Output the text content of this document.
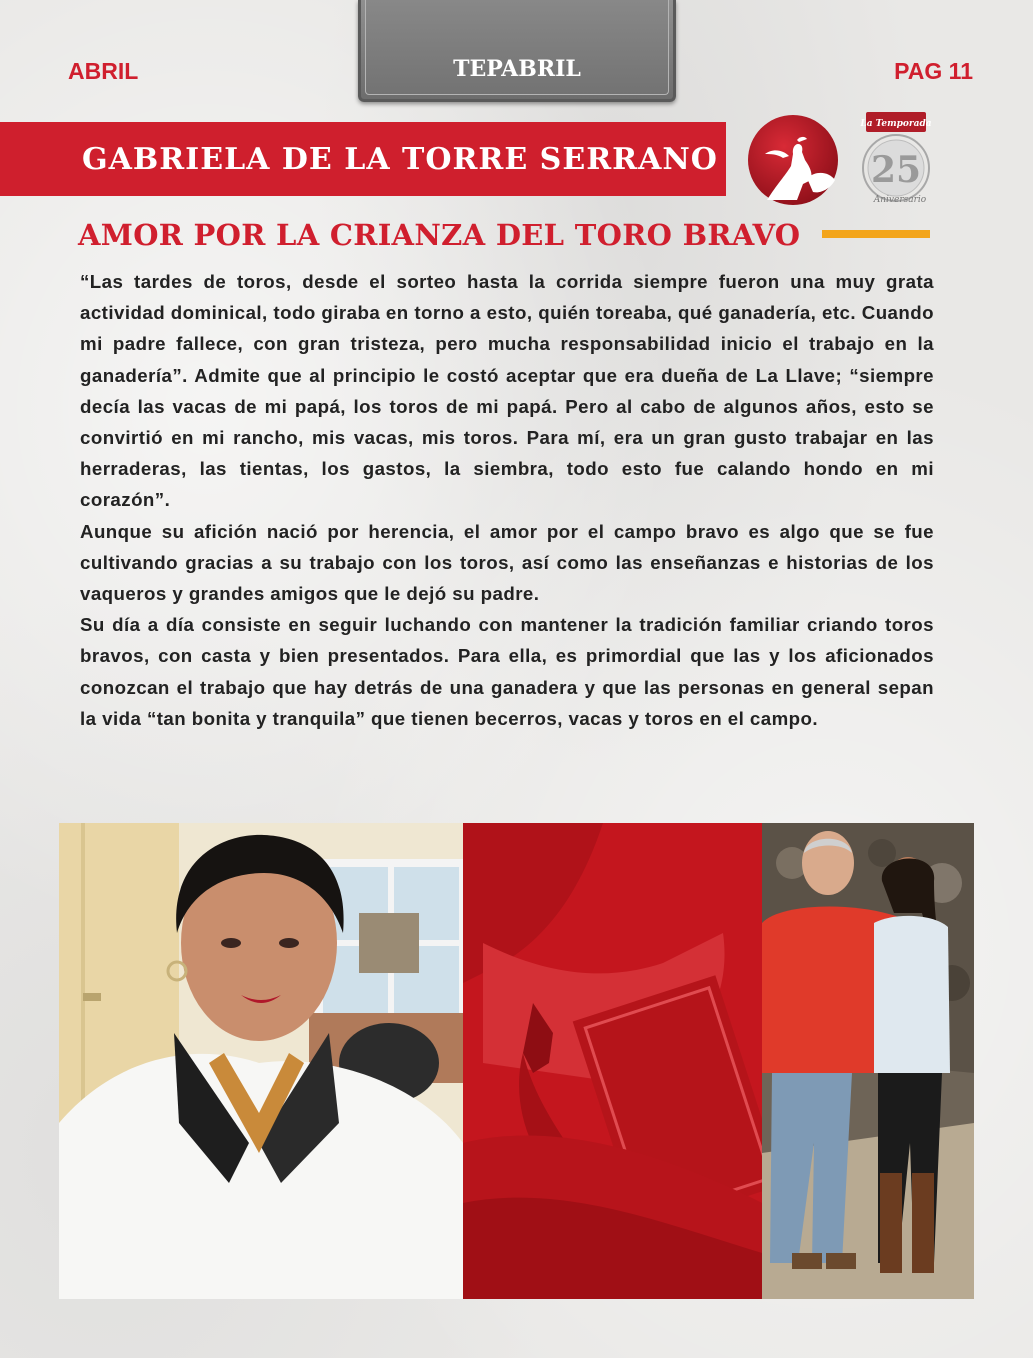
ABRIL	TEPABRIL	PAG 11
GABRIELA DE LA TORRE SERRANO
La Temporada
25
Aniversario
AMOR POR LA CRIANZA DEL TORO BRAVO

“Las tardes de toros, desde el sorteo hasta la corrida siempre fueron una muy grata actividad dominical, todo giraba en torno a esto, quién toreaba, qué ganadería, etc. Cuando mi padre fallece, con gran tristeza, pero mucha responsabilidad inicio el trabajo en la ganadería”. Admite que al principio le costó aceptar que era dueña de La Llave; “siempre decía las vacas de mi papá, los toros de mi papá. Pero al cabo de algunos años, esto se convirtió en mi rancho, mis vacas, mis toros. Para mí, era un gran gusto trabajar en las herraderas, las tientas, los gastos, la siembra, todo esto fue calando hondo en mi corazón”.

Aunque su afición nació por herencia, el amor por el campo bravo es algo que se fue cultivando gracias a su trabajo con los toros, así como las enseñanzas e historias de los vaqueros y grandes amigos que le dejó su padre.

Su día a día consiste en seguir luchando con mantener la tradición familiar criando toros bravos, con casta y bien presentados. Para ella, es primordial que las y los aficionados conozcan el trabajo que hay detrás de una ganadera y que las personas en general sepan la vida “tan bonita y tranquila” que tienen becerros, vacas y toros en el campo.
